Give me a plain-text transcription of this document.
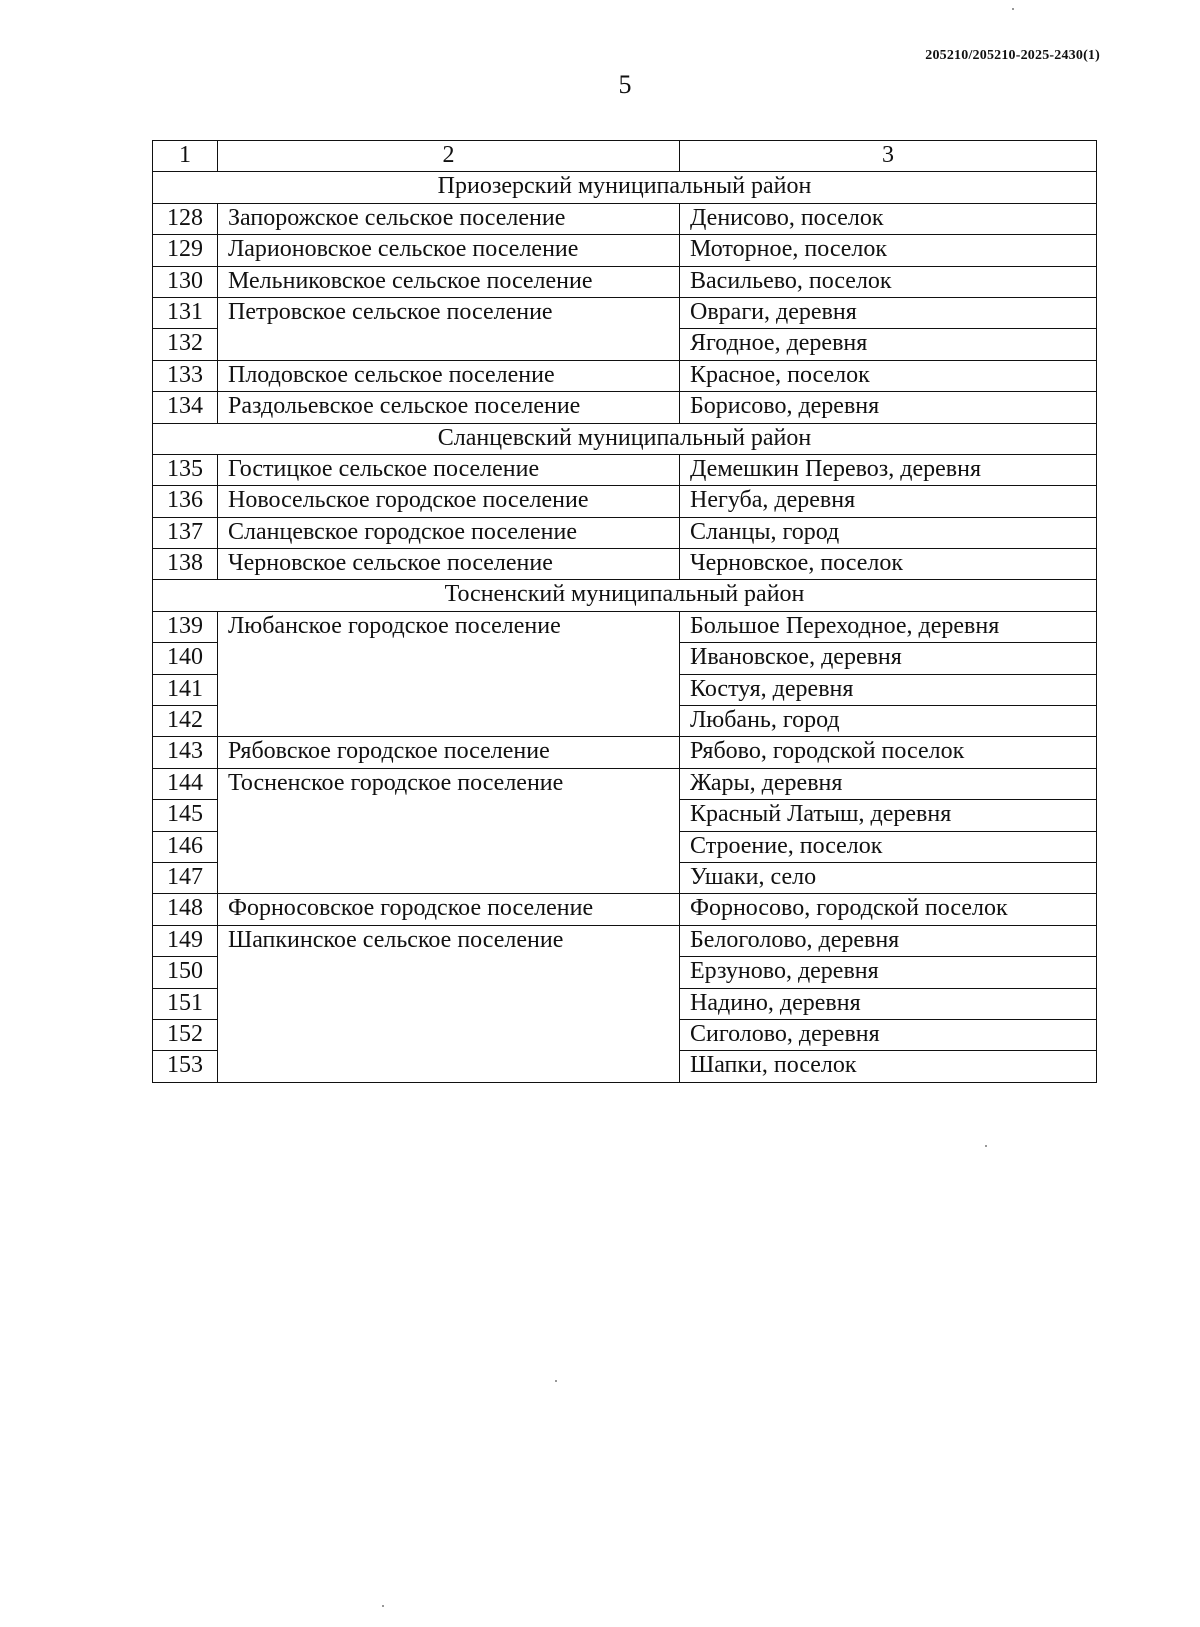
205210/205210-2025-2430(1)
5
1	2	3
Приозерский муниципальный район		
128	Запорожское сельское поселение	Денисово, поселок
129	Ларионовское сельское поселение	Моторное, поселок
130	Мельниковское сельское поселение	Васильево, поселок
131	Петровское сельское поселение	Овраги, деревня
132		Ягодное, деревня
133	Плодовское сельское поселение	Красное, поселок
134	Раздольевское сельское поселение	Борисово, деревня
Сланцевский муниципальный район		
135	Гостицкое сельское поселение	Демешкин Перевоз, деревня
136	Новосельское городское поселение	Негуба, деревня
137	Сланцевское городское поселение	Сланцы, город
138	Черновское сельское поселение	Черновское, поселок
Тосненский муниципальный район		
139	Любанское городское поселение	Большое Переходное, деревня
140		Ивановское, деревня
141		Костуя, деревня
142		Любань, город
143	Рябовское городское поселение	Рябово, городской поселок
144	Тосненское городское поселение	Жары, деревня
145		Красный Латыш, деревня
146		Строение, поселок
147		Ушаки, село
148	Форносовское городское поселение	Форносово, городской поселок
149	Шапкинское сельское поселение	Белоголово, деревня
150		Ерзуново, деревня
151		Надино, деревня
152		Сиголово, деревня
153		Шапки, поселок
